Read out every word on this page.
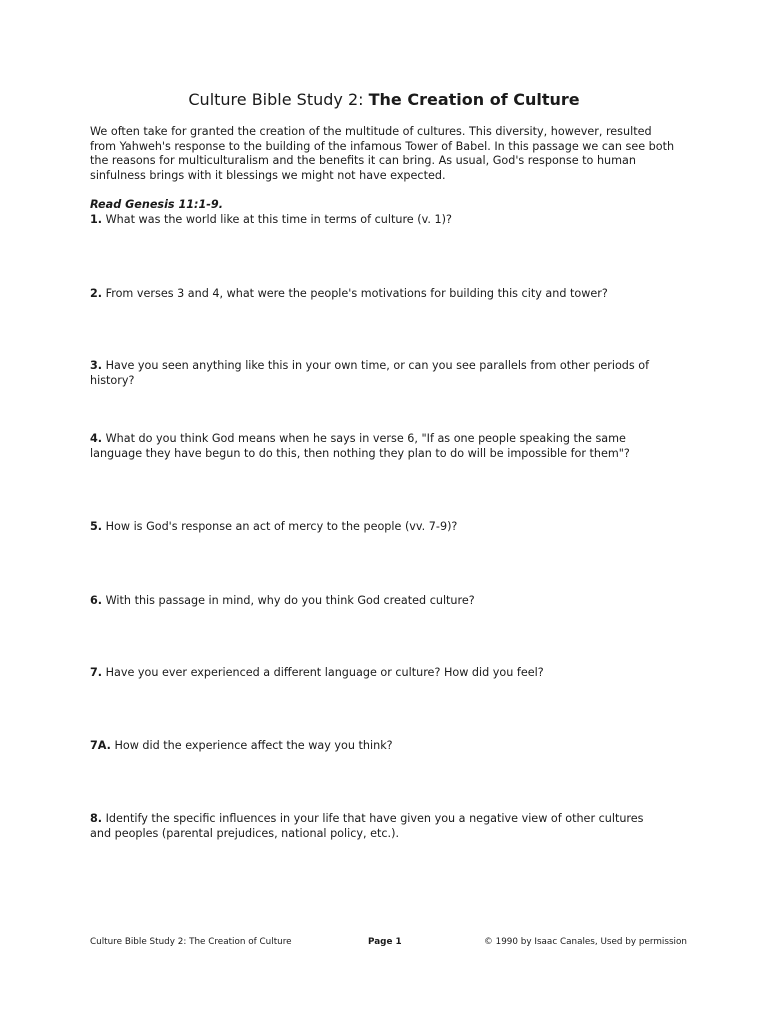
Culture Bible Study 2: The Creation of Culture
We often take for granted the creation of the multitude of cultures. This diversity, however, resulted from Yahweh's response to the building of the infamous Tower of Babel. In this passage we can see both the reasons for multiculturalism and the benefits it can bring. As usual, God's response to human sinfulness brings with it blessings we might not have expected.
Read Genesis 11:1-9.
1. What was the world like at this time in terms of culture (v. 1)?
2. From verses 3 and 4, what were the people's motivations for building this city and tower?
3. Have you seen anything like this in your own time, or can you see parallels from other periods of history?
4. What do you think God means when he says in verse 6, "If as one people speaking the same language they have begun to do this, then nothing they plan to do will be impossible for them"?
5. How is God's response an act of mercy to the people (vv. 7-9)?
6. With this passage in mind, why do you think God created culture?
7. Have you ever experienced a different language or culture? How did you feel?
7A. How did the experience affect the way you think?
8. Identify the specific influences in your life that have given you a negative view of other cultures and peoples (parental prejudices, national policy, etc.).
Culture Bible Study 2: The Creation of Culture	Page 1	© 1990 by Isaac Canales, Used by permission
